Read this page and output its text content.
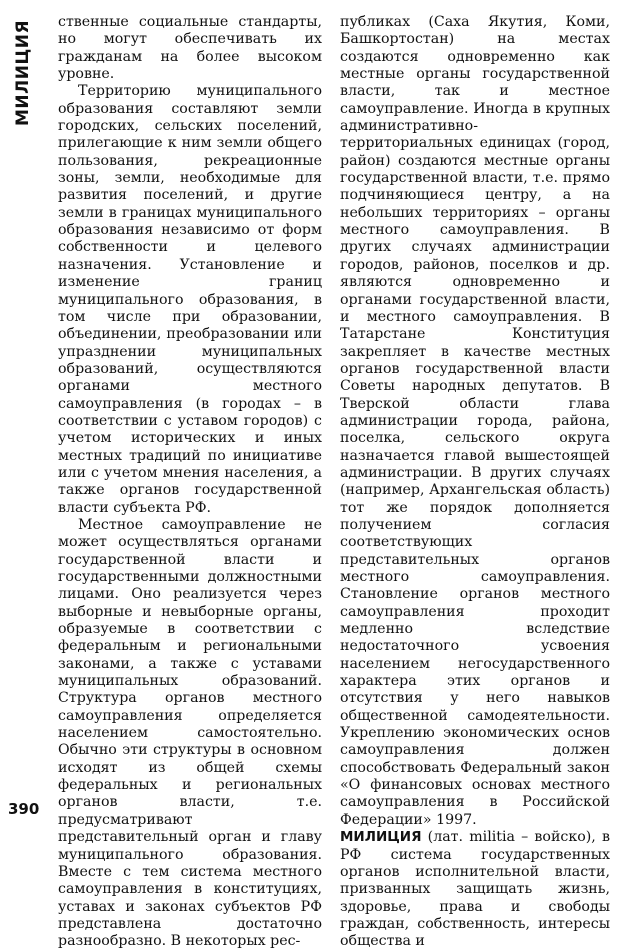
МИЛИЦИЯ ственные социальные стандарты, но могут обеспечивать их гражданам на более высоком уровне.

Территорию муниципального образования составляют земли городских, сельских поселений, прилегающие к ним земли общего пользования, рекреационные зоны, земли, необходимые для развития поселений, и другие земли в границах муниципального образования независимо от форм собственности и целевого назначения. Установление и изменение границ муниципального образования, в том числе при образовании, объединении, преобразовании или упразднении муниципальных образований, осуществляются органами местного самоуправления (в городах – в соответствии с уставом городов) с учетом исторических и иных местных традиций по инициативе или с учетом мнения населения, а также органов государственной власти субъекта РФ.

Местное самоуправление не может осуществляться органами государственной власти и государственными должностными лицами. Оно реализуется через выборные и невыборные органы, образуемые в соответствии с федеральным и региональными законами, а также с уставами муниципальных образований. Структура органов местного самоуправления определяется населением самостоятельно. Обычно эти структуры в основном исходят из общей схемы федеральных и региональных органов власти, т.е. предусматривают представительный орган и главу муниципального образования. Вместе с тем система местного самоуправления в конституциях, уставах и законах субъектов РФ представлена достаточно разнообразно. В некоторых рес-

публиках (Саха Якутия, Коми, Башкортостан) на местах создаются одновременно как местные органы государственной власти, так и местное самоуправление. Иногда в крупных административно-территориальных единицах (город, район) создаются местные органы государственной власти, т.е. прямо подчиняющиеся центру, а на небольших территориях – органы местного самоуправления. В других случаях администрации городов, районов, поселков и др. являются одновременно и органами государственной власти, и местного самоуправления. В Татарстане Конституция закрепляет в качестве местных органов государственной власти Советы народных депутатов. В Тверской области глава администрации города, района, поселка, сельского округа назначается главой вышестоящей администрации. В других случаях (например, Архангельская область) тот же порядок дополняется получением согласия соответствующих представительных органов местного самоуправления. Становление органов местного самоуправления проходит медленно вследствие недостаточного усвоения населением негосударственного характера этих органов и отсутствия у него навыков общественной самодеятельности. Укреплению экономических основ самоуправления должен способствовать Федеральный закон «О финансовых основах местного самоуправления в Российской Федерации» 1997.

МИЛИЦИЯ (лат. militia – войско), в РФ система государственных органов исполнительной власти, призванных защищать жизнь, здоровье, права и свободы граждан, собственность, интересы общества и

390
